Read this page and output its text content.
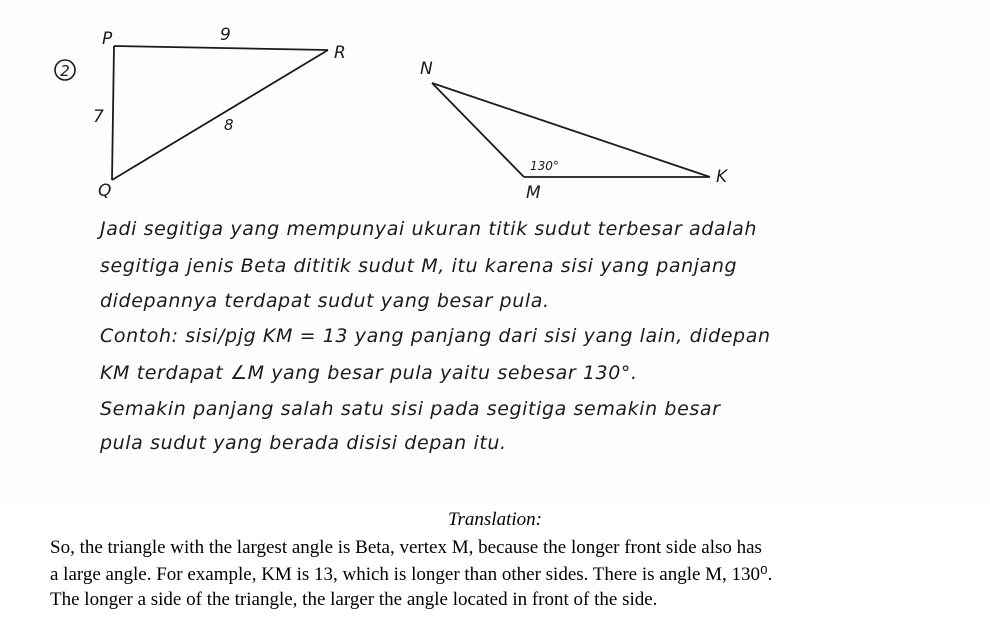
2
P
R
Q
9
7	8
N
K
M
130°
Jadi segitiga yang mempunyai ukuran titik sudut terbesar adalah
segitiga jenis Beta dititik sudut M, itu karena sisi yang panjang
didepannya terdapat sudut yang besar pula.
Contoh: sisi/pjg KM = 13 yang panjang dari sisi yang lain, didepan
KM terdapat ∠M yang besar pula yaitu sebesar 130°.
Semakin panjang salah satu sisi pada segitiga semakin besar
pula sudut yang berada disisi depan itu.
Translation:
So, the triangle with the largest angle is Beta, vertex M, because the longer front side also has
a large angle. For example, KM is 13, which is longer than other sides. There is angle M, 130⁰.
The longer a side of the triangle, the larger the angle located in front of the side.
